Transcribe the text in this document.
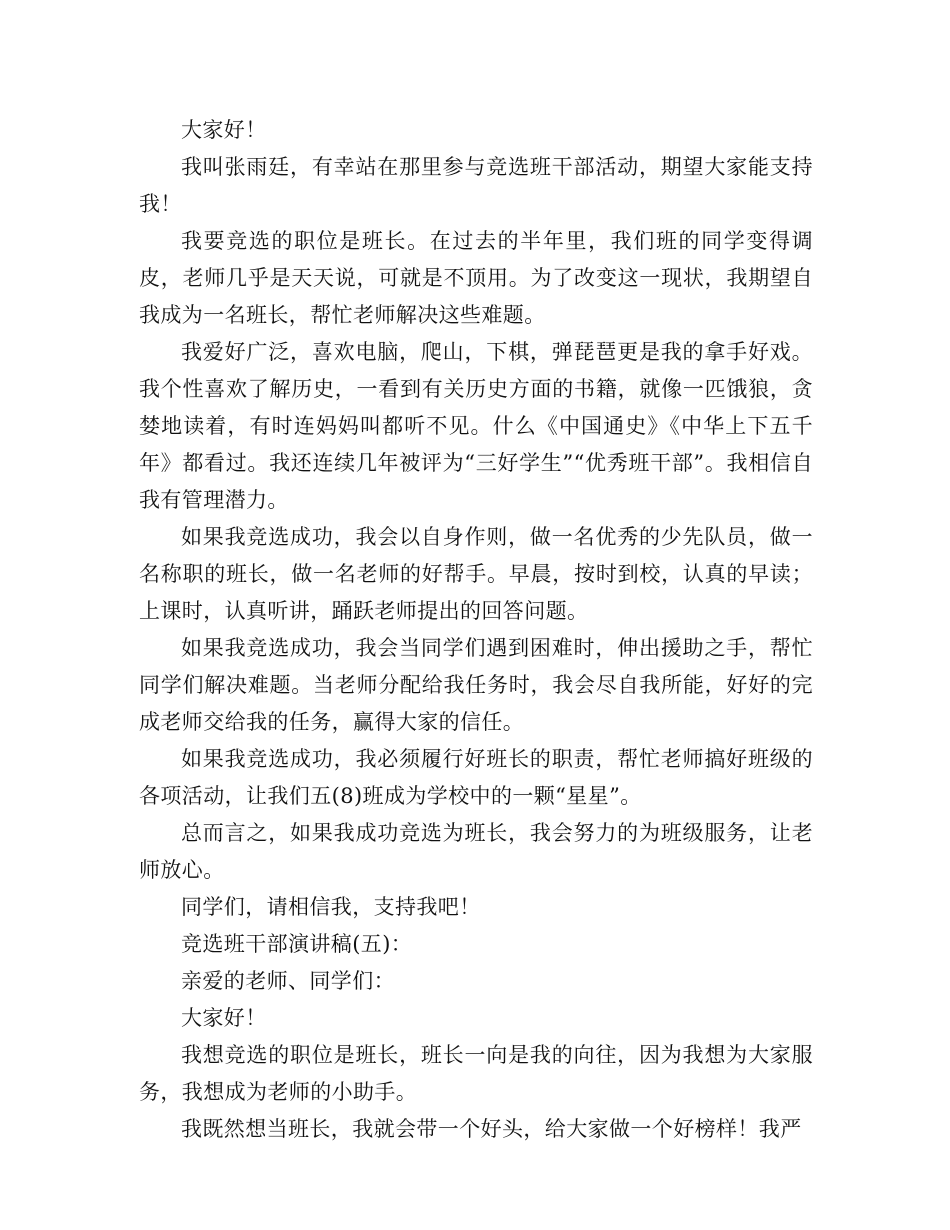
大家好！

我叫张雨廷，有幸站在那里参与竞选班干部活动，期望大家能支持我！

我要竞选的职位是班长。在过去的半年里，我们班的同学变得调皮，老师几乎是天天说，可就是不顶用。为了改变这一现状，我期望自我成为一名班长，帮忙老师解决这些难题。

我爱好广泛，喜欢电脑，爬山，下棋，弹琵琶更是我的拿手好戏。我个性喜欢了解历史，一看到有关历史方面的书籍，就像一匹饿狼，贪婪地读着，有时连妈妈叫都听不见。什么《中国通史》《中华上下五千年》都看过。我还连续几年被评为“三好学生”“优秀班干部”。我相信自我有管理潜力。

如果我竞选成功，我会以自身作则，做一名优秀的少先队员，做一名称职的班长，做一名老师的好帮手。早晨，按时到校，认真的早读；上课时，认真听讲，踊跃老师提出的回答问题。

如果我竞选成功，我会当同学们遇到困难时，伸出援助之手，帮忙同学们解决难题。当老师分配给我任务时，我会尽自我所能，好好的完成老师交给我的任务，赢得大家的信任。

如果我竞选成功，我必须履行好班长的职责，帮忙老师搞好班级的各项活动，让我们五(8)班成为学校中的一颗“星星”。

总而言之，如果我成功竞选为班长，我会努力的为班级服务，让老师放心。

同学们，请相信我，支持我吧！

竞选班干部演讲稿(五)：

亲爱的老师、同学们：

大家好！

我想竞选的职位是班长，班长一向是我的向往，因为我想为大家服务，我想成为老师的小助手。

我既然想当班长，我就会带一个好头，给大家做一个好榜样！我严
